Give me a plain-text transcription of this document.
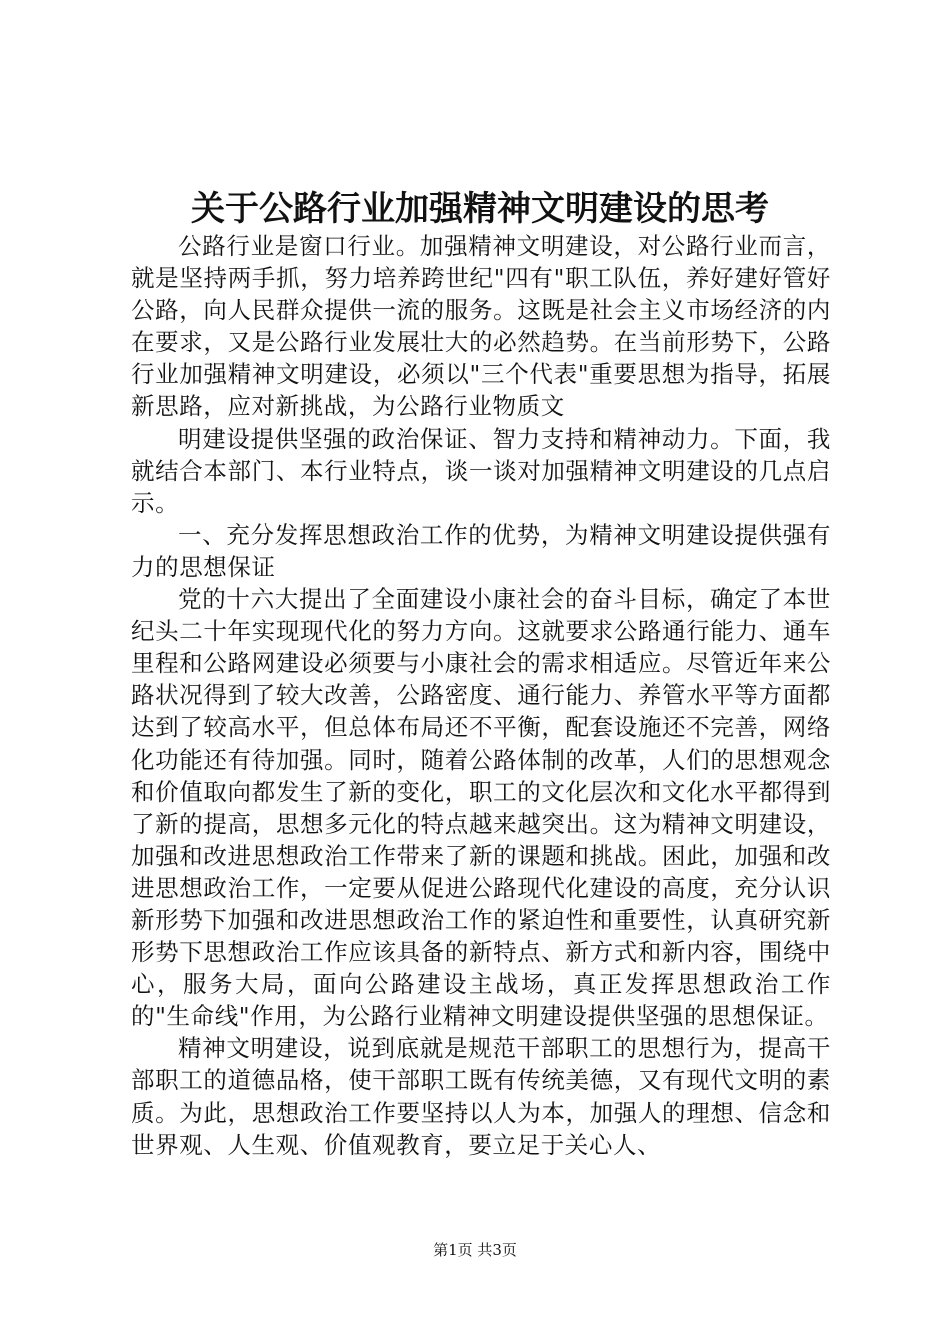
关于公路行业加强精神文明建设的思考

公路行业是窗口行业。加强精神文明建设，对公路行业而言，就是坚持两手抓，努力培养跨世纪"四有"职工队伍，养好建好管好公路，向人民群众提供一流的服务。这既是社会主义市场经济的内在要求，又是公路行业发展壮大的必然趋势。在当前形势下，公路行业加强精神文明建设，必须以"三个代表"重要思想为指导，拓展新思路，应对新挑战，为公路行业物质文

明建设提供坚强的政治保证、智力支持和精神动力。下面，我就结合本部门、本行业特点，谈一谈对加强精神文明建设的几点启示。

一、充分发挥思想政治工作的优势，为精神文明建设提供强有力的思想保证

党的十六大提出了全面建设小康社会的奋斗目标，确定了本世纪头二十年实现现代化的努力方向。这就要求公路通行能力、通车里程和公路网建设必须要与小康社会的需求相适应。尽管近年来公路状况得到了较大改善，公路密度、通行能力、养管水平等方面都达到了较高水平，但总体布局还不平衡，配套设施还不完善，网络化功能还有待加强。同时，随着公路体制的改革，人们的思想观念和价值取向都发生了新的变化，职工的文化层次和文化水平都得到了新的提高，思想多元化的特点越来越突出。这为精神文明建设，加强和改进思想政治工作带来了新的课题和挑战。困此，加强和改进思想政治工作，一定要从促进公路现代化建设的高度，充分认识新形势下加强和改进思想政治工作的紧迫性和重要性，认真研究新形势下思想政治工作应该具备的新特点、新方式和新内容，围绕中心，服务大局，面向公路建设主战场，真正发挥思想政治工作的"生命线"作用，为公路行业精神文明建设提供坚强的思想保证。

精神文明建设，说到底就是规范干部职工的思想行为，提高干部职工的道德品格，使干部职工既有传统美德，又有现代文明的素质。为此，思想政治工作要坚持以人为本，加强人的理想、信念和世界观、人生观、价值观教育，要立足于关心人、

第1页 共3页
